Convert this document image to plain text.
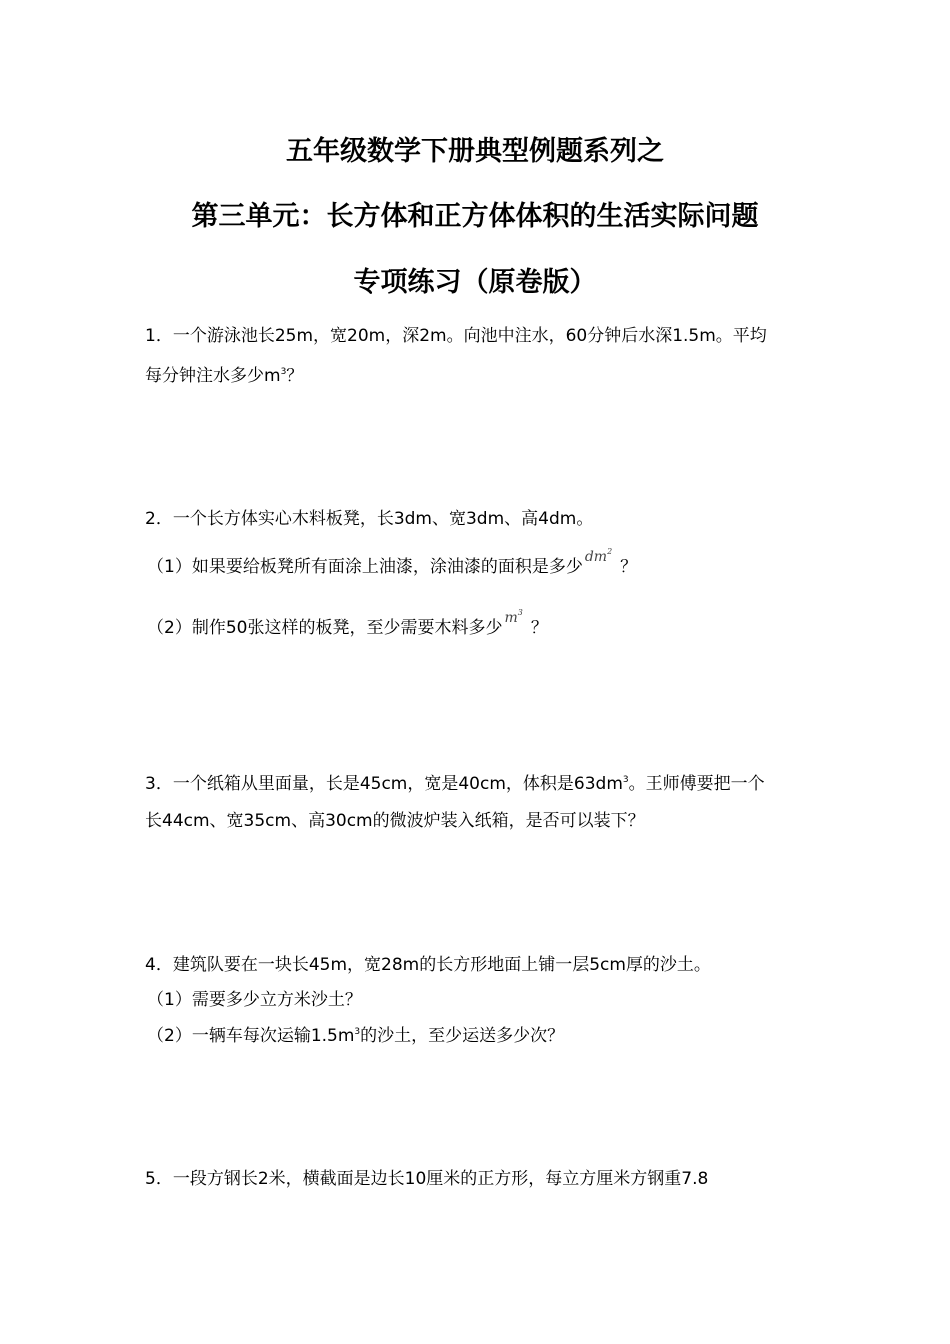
五年级数学下册典型例题系列之
第三单元：长方体和正方体体积的生活实际问题
专项练习（原卷版）
1．一个游泳池长25m，宽20m，深2m。向池中注水，60分钟后水深1.5m。平均
每分钟注水多少$m^3$？
2．一个长方体实心木料板凳，长3dm、宽3dm、高4dm。
（1）如果要给板凳所有面涂上油漆，涂油漆的面积是多少 $^{dm^2}$？
（2）制作50张这样的板凳，至少需要木料多少 $^{m^3}$？
3．一个纸箱从里面量，长是45cm，宽是40cm，体积是$63dm^3$。王师傅要把一个
长44cm、宽35cm、高30cm的微波炉装入纸箱，是否可以装下？
4．建筑队要在一块长45m，宽28m的长方形地面上铺一层5cm厚的沙土。
（1）需要多少立方米沙土？
（2）一辆车每次运输$1.5m^3$的沙土，至少运送多少次？
5．一段方钢长2米，横截面是边长10厘米的正方形，每立方厘米方钢重7.8
